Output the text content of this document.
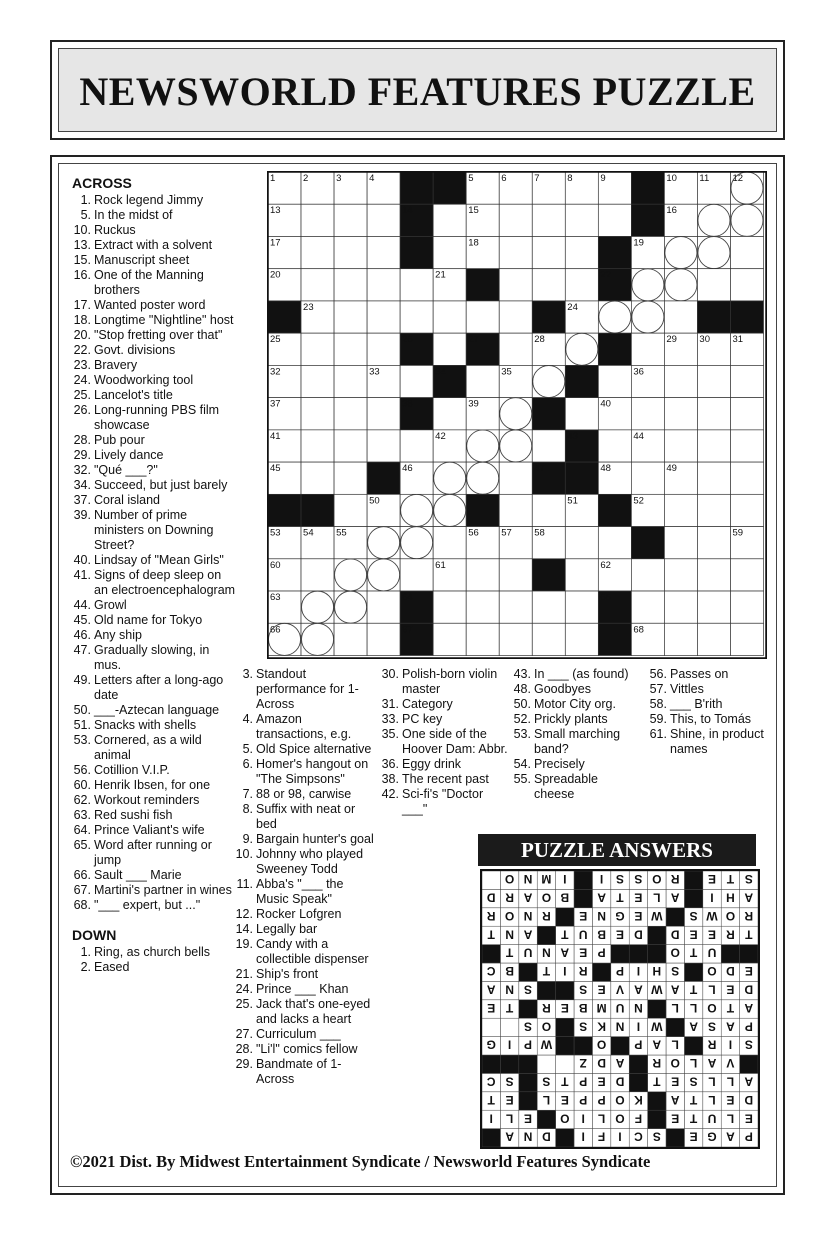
NEWSWORLD FEATURES PUZZLE
ACROSS
1. Rock legend Jimmy
5. In the midst of
10. Ruckus
13. Extract with a solvent
15. Manuscript sheet
16. One of the Manning brothers
17. Wanted poster word
18. Longtime "Nightline" host
20. "Stop fretting over that"
22. Govt. divisions
23. Bravery
24. Woodworking tool
25. Lancelot's title
26. Long-running PBS film showcase
28. Pub pour
29. Lively dance
32. "Qué ___?"
34. Succeed, but just barely
37. Coral island
39. Number of prime ministers on Downing Street?
40. Lindsay of "Mean Girls"
41. Signs of deep sleep on an electroencephalogram
44. Growl
45. Old name for Tokyo
46. Any ship
47. Gradually slowing, in mus.
49. Letters after a long-ago date
50. ___-Aztecan language
51. Snacks with shells
53. Cornered, as a wild animal
56. Cotillion V.I.P.
60. Henrik Ibsen, for one
62. Workout reminders
63. Red sushi fish
64. Prince Valiant's wife
65. Word after running or jump
66. Sault ___ Marie
67. Martini's partner in wines
68. "___ expert, but ..."
DOWN
1. Ring, as church bells
2. Eased
3. Standout performance for 1-Across
4. Amazon transactions, e.g.
5. Old Spice alternative
6. Homer's hangout on "The Simpsons"
7. 88 or 98, carwise
8. Suffix with neat or bed
9. Bargain hunter's goal
10. Johnny who played Sweeney Todd
11. Abba's "___ the Music Speak"
12. Rocker Lofgren
14. Legally bar
19. Candy with a collectible dispenser
21. Ship's front
24. Prince ___ Khan
25. Jack that's one-eyed and lacks a heart
27. Curriculum ___
28. "Li'l" comics fellow
29. Bandmate of 1-Across
30. Polish-born violin master
31. Category
33. PC key
35. One side of the Hoover Dam: Abbr.
36. Eggy drink
38. The recent past
42. Sci-fi's "Doctor ___"
43. In ___ (as found)
48. Goodbyes
50. Motor City org.
52. Prickly plants
53. Small marching band?
54. Precisely
55. Spreadable cheese
56. Passes on
57. Vittles
58. ___ B'rith
59. This, to Tomás
61. Shine, in product names
1	2	3	4	5	6	7	8	9	10 11 12
13	14	15	16
17	18	19
20	21	22
23	24
25	26	27	28	29 30 31
32	33	34	35	36
37	38	39	40
41	42	43	44
45	46	47	48	49
50	51	52
53 54 55	56 57 58	59
60	61	62
63	64	65
66	67	68
PUZZLE ANSWERS
P
A
G
E
S
C
I
F
I
D
N
A
E
L
U
T
E
F
O
L
I
O
E
L
I
D
E
L
T
A
K
O
P
P
E
L
E
T
A
L
L
S
E
T
D
E
P
T
S
S
C
V
A
L
O
R
A
D
Z
S
I
R
L
A
P
O
W
P
I
G
P
A
S
A
W
I
N
K
S
O
S
A
T
O
L
L
N
U
M
B
E
R
T
E
D
E
L
T
A
W
A
V
E
S
S
N
A
E
D
O
S
H
I
P
R
I
T
B
C
U
T
O
P
E
A
N
U
T
T
R
E
E
D
D
E
B
U
T
A
N
T
R
O
W
S
W
E
G
N
E
R
N
O
R
A
H
I
A
L
E
T
A
B
O
A
R
D
S
T
E
R
O
S
S
I
I
M
N
O
©2021 Dist. By Midwest Entertainment Syndicate / Newsworld Features Syndicate
